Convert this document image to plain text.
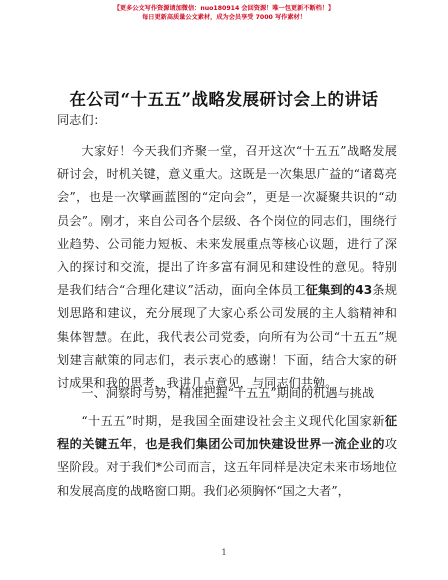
【更多公文写作资源请加微信：nuo180914 会回资源！唯一包更新不断档！】
每日更新高质量公文素材，成为会员享受 7000 写作素材！
在公司“十五五”战略发展研讨会上的讲话

同志们：

大家好！今天我们齐聚一堂，召开这次“十五五”战略发展研讨会，时机关键，意义重大。这既是一次集思广益的“诸葛亮会”，也是一次擘画蓝图的“定向会”，更是一次凝聚共识的“动员会”。刚才，来自公司各个层级、各个岗位的同志们，围绕行业趋势、公司能力短板、未来发展重点等核心议题，进行了深入的探讨和交流，提出了许多富有洞见和建设性的意见。特别是我们结合“合理化建议”活动，面向全体员工征集到的43条规划思路和建议，充分展现了大家心系公司发展的主人翁精神和集体智慧。在此，我代表公司党委，向所有为公司“十五五”规划建言献策的同志们，表示衷心的感谢！下面，结合大家的研讨成果和我的思考，我讲几点意见，与同志们共勉。

一、洞察时与势，精准把握“十五五”期间的机遇与挑战

“十五五”时期，是我国全面建设社会主义现代化国家新征程的关键五年，也是我们集团公司加快建设世界一流企业的攻坚阶段。对于我们*公司而言，这五年同样是决定未来市场地位和发展高度的战略窗口期。我们必须胸怀“国之大者”，

1
